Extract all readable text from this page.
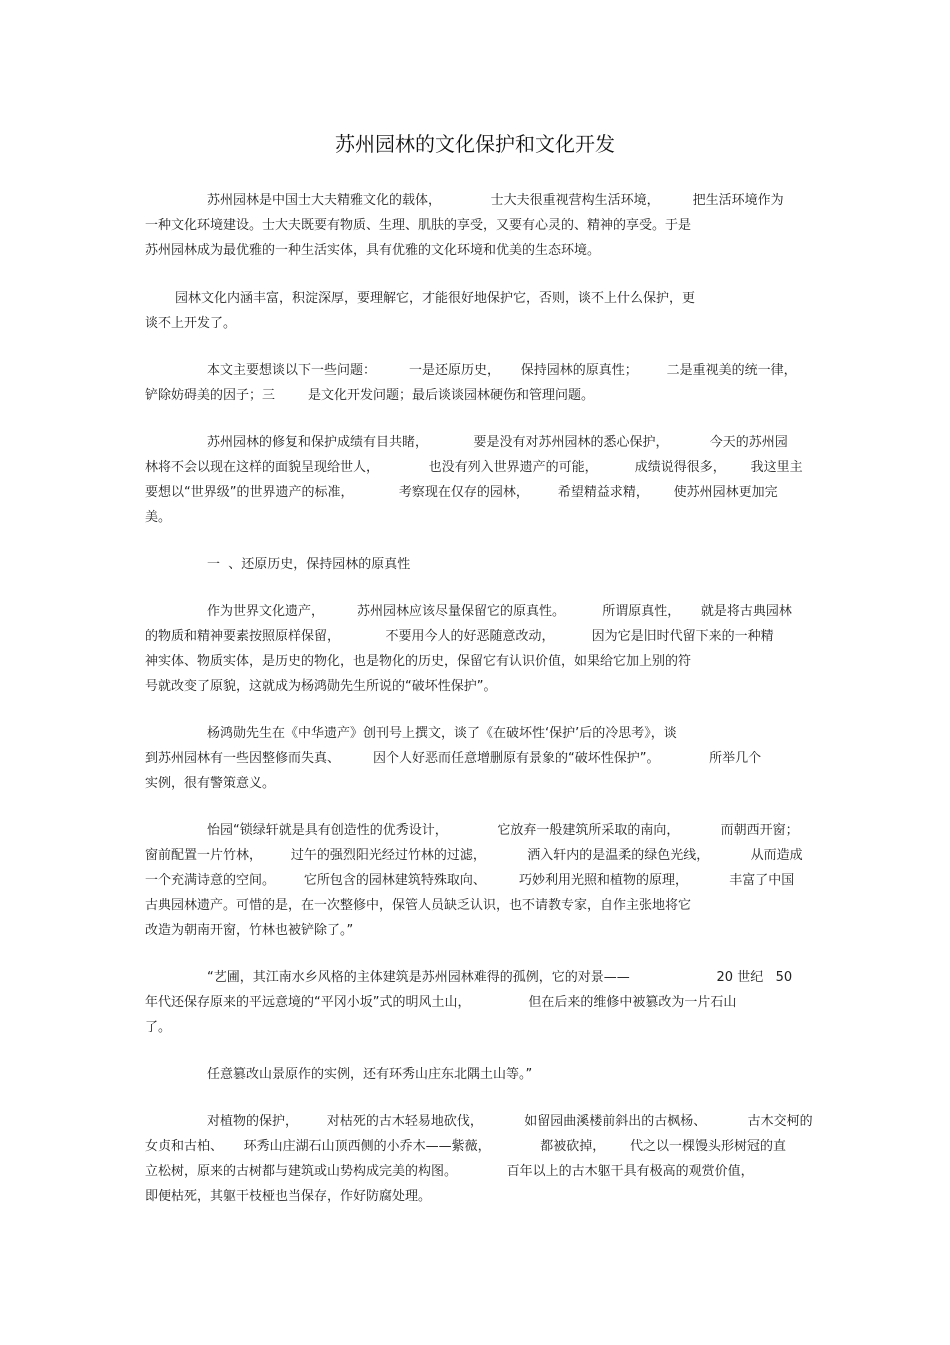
苏州园林的文化保护和文化开发
苏州园林是中国士大夫精雅文化的载体，            士大夫很重视营构生活环境，        把生活环境作为
一种文化环境建设。士大夫既要有物质、生理、肌肤的享受，又要有心灵的、精神的享受。于是
苏州园林成为最优雅的一种生活实体，具有优雅的文化环境和优美的生态环境。
园林文化内涵丰富，积淀深厚，要理解它，才能很好地保护它，否则，谈不上什么保护，更
谈不上开发了。
本文主要想谈以下一些问题：        一是还原历史，     保持园林的原真性；       二是重视美的统一律，
铲除妨碍美的因子；三        是文化开发问题；最后谈谈园林硬伤和管理问题。
苏州园林的修复和保护成绩有目共睹，           要是没有对苏州园林的悉心保护，          今天的苏州园
林将不会以现在这样的面貌呈现给世人，            也没有列入世界遗产的可能，         成绩说得很多，      我这里主
要想以“世界级”的世界遗产的标准，           考察现在仅存的园林，       希望精益求精，      使苏州园林更加完
美。
一  、还原历史，保持园林的原真性
作为世界文化遗产，        苏州园林应该尽量保留它的原真性。         所谓原真性，     就是将古典园林
的物质和精神要素按照原样保留，           不要用今人的好恶随意改动，         因为它是旧时代留下来的一种精
神实体、物质实体，是历史的物化，也是物化的历史，保留它有认识价值，如果给它加上别的符
号就改变了原貌，这就成为杨鸿勋先生所说的“破坏性保护”。
杨鸿勋先生在《中华遗产》创刊号上撰文，谈了《在破坏性‘保护’后的冷思考》，谈
到苏州园林有一些因整修而失真、        因个人好恶而任意增删原有景象的“破坏性保护”。            所举几个
实例，很有警策意义。
怡园“锁绿轩就是具有创造性的优秀设计，            它放弃一般建筑所采取的南向，          而朝西开窗；
窗前配置一片竹林，       过午的强烈阳光经过竹林的过滤，          洒入轩内的是温柔的绿色光线，          从而造成
一个充满诗意的空间。       它所包含的园林建筑特殊取向、        巧妙利用光照和植物的原理，          丰富了中国
古典园林遗产。可惜的是，在一次整修中，保管人员缺乏认识，也不请教专家，自作主张地将它
改造为朝南开窗，竹林也被铲除了。”
“艺圃，其江南水乡风格的主体建筑是苏州园林难得的孤例，它的对景——                     20 世纪   50
年代还保存原来的平远意境的“平冈小坂”式的明风土山，              但在后来的维修中被篡改为一片石山
了。
任意篡改山景原作的实例，还有环秀山庄东北隅土山等。”
对植物的保护，       对枯死的古木轻易地砍伐，          如留园曲溪楼前斜出的古枫杨、          古木交柯的
女贞和古柏、     环秀山庄湖石山顶西侧的小乔木——紫薇，            都被砍掉，      代之以一棵馒头形树冠的直
立松树，原来的古树都与建筑或山势构成完美的构图。            百年以上的古木躯干具有极高的观赏价值，
即便枯死，其躯干枝桠也当保存，作好防腐处理。
